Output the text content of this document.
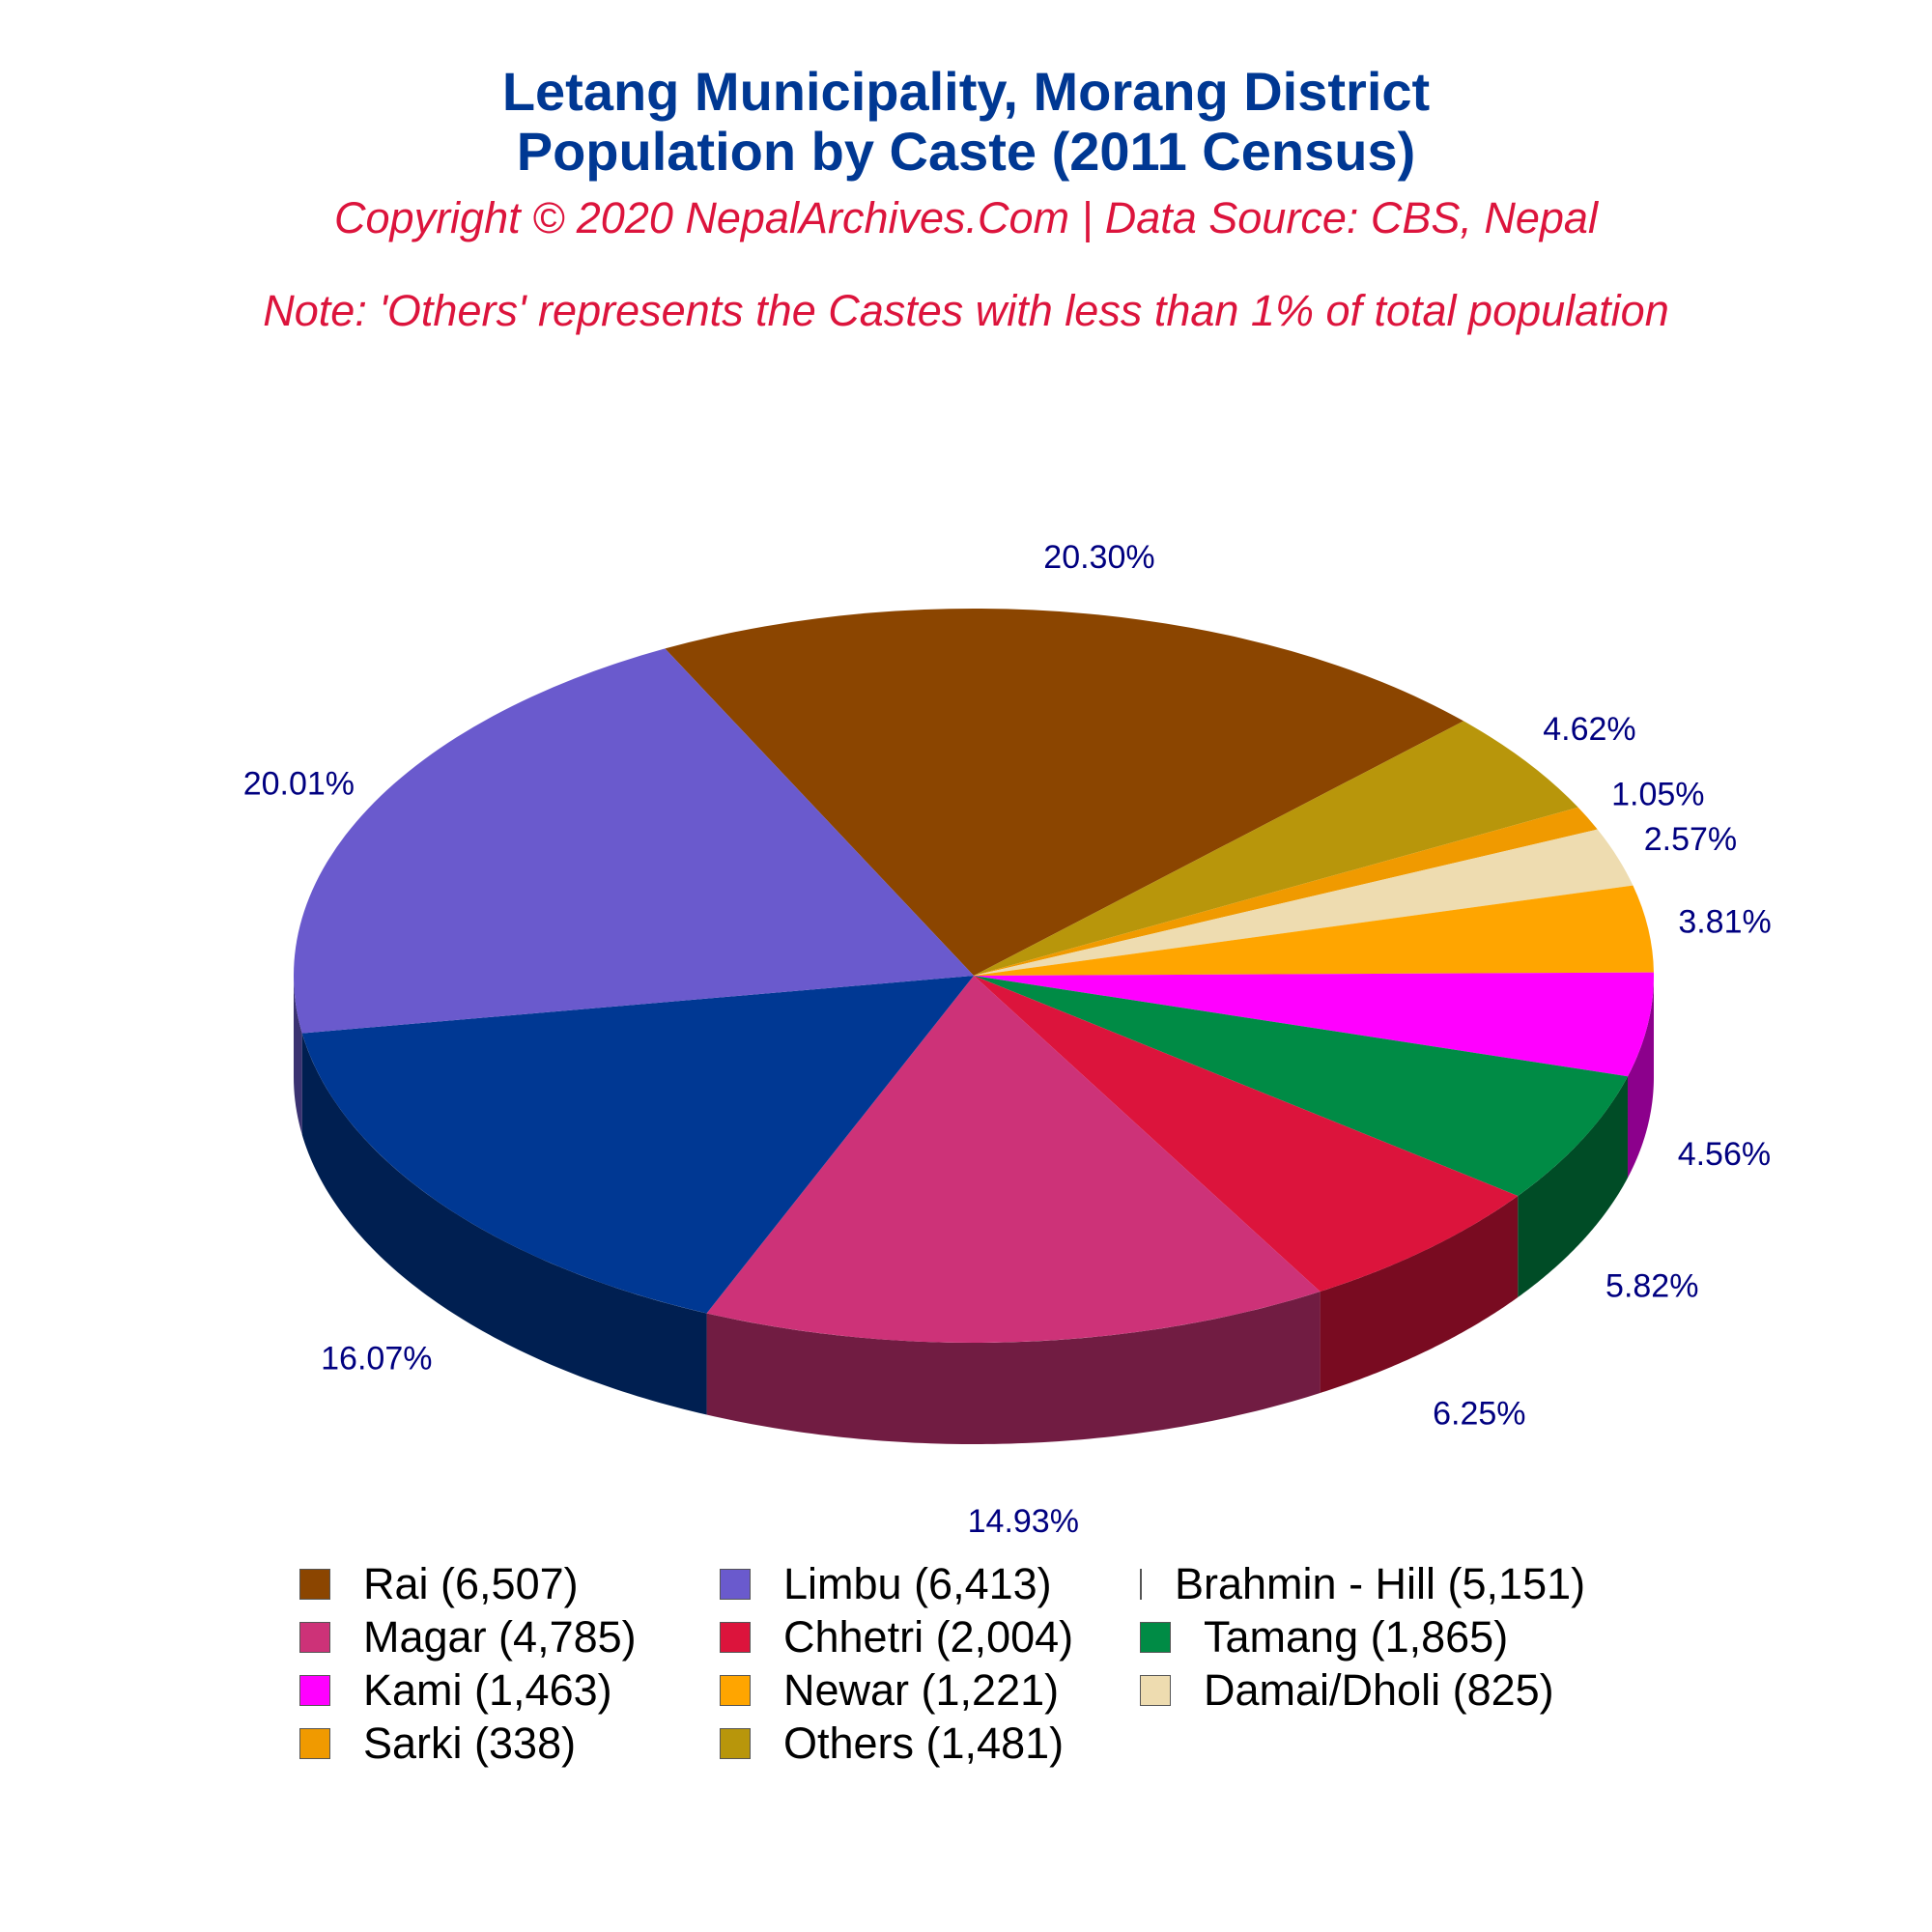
Letang Municipality, Morang District
Population by Caste (2011 Census)
Copyright © 2020 NepalArchives.Com | Data Source: CBS, Nepal
Note: 'Others' represents the Castes with less than 1% of total population
20.30%
4.62%
1.05%
2.57%
3.81%
4.56%
5.82%
6.25%
14.93%
16.07%
20.01%
Rai (6,507)	Limbu (6,413)	Brahmin - Hill (5,151)
Magar (4,785)	Chhetri (2,004)	Tamang (1,865)
Kami (1,463)	Newar (1,221)	Damai/Dholi (825)
Sarki (338)	Others (1,481)
